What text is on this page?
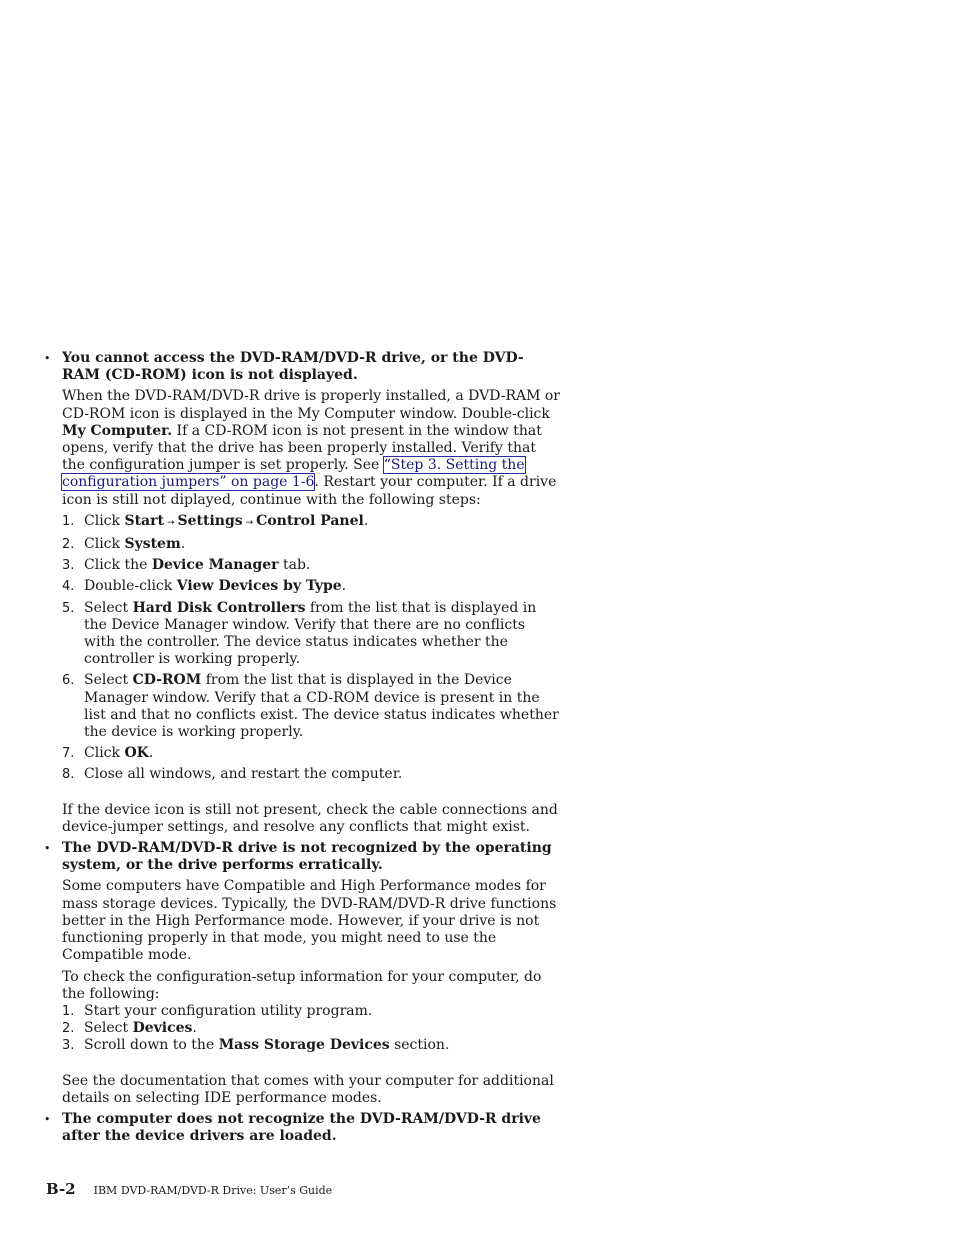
• You cannot access the DVD-RAM/DVD-R drive, or the DVD-RAM (CD-ROM) icon is not displayed.

When the DVD-RAM/DVD-R drive is properly installed, a DVD-RAM or CD-ROM icon is displayed in the My Computer window. Double-click My Computer. If a CD-ROM icon is not present in the window that opens, verify that the drive has been properly installed. Verify that the configuration jumper is set properly. See “Step 3. Setting the configuration jumpers” on page 1-6. Restart your computer. If a drive icon is still not diplayed, continue with the following steps:

1. Click Start → Settings → Control Panel.
2. Click System.
3. Click the Device Manager tab.
4. Double-click View Devices by Type.
5. Select Hard Disk Controllers from the list that is displayed in the Device Manager window. Verify that there are no conflicts with the controller. The device status indicates whether the controller is working properly.
6. Select CD-ROM from the list that is displayed in the Device Manager window. Verify that a CD-ROM device is present in the list and that no conflicts exist. The device status indicates whether the device is working properly.
7. Click OK.
8. Close all windows, and restart the computer.

If the device icon is still not present, check the cable connections and device-jumper settings, and resolve any conflicts that might exist.

• The DVD-RAM/DVD-R drive is not recognized by the operating system, or the drive performs erratically.

Some computers have Compatible and High Performance modes for mass storage devices. Typically, the DVD-RAM/DVD-R drive functions better in the High Performance mode. However, if your drive is not functioning properly in that mode, you might need to use the Compatible mode.

To check the configuration-setup information for your computer, do the following:

1. Start your configuration utility program.
2. Select Devices.
3. Scroll down to the Mass Storage Devices section.

See the documentation that comes with your computer for additional details on selecting IDE performance modes.

• The computer does not recognize the DVD-RAM/DVD-R drive after the device drivers are loaded.
B-2 IBM DVD-RAM/DVD-R Drive: User’s Guide
